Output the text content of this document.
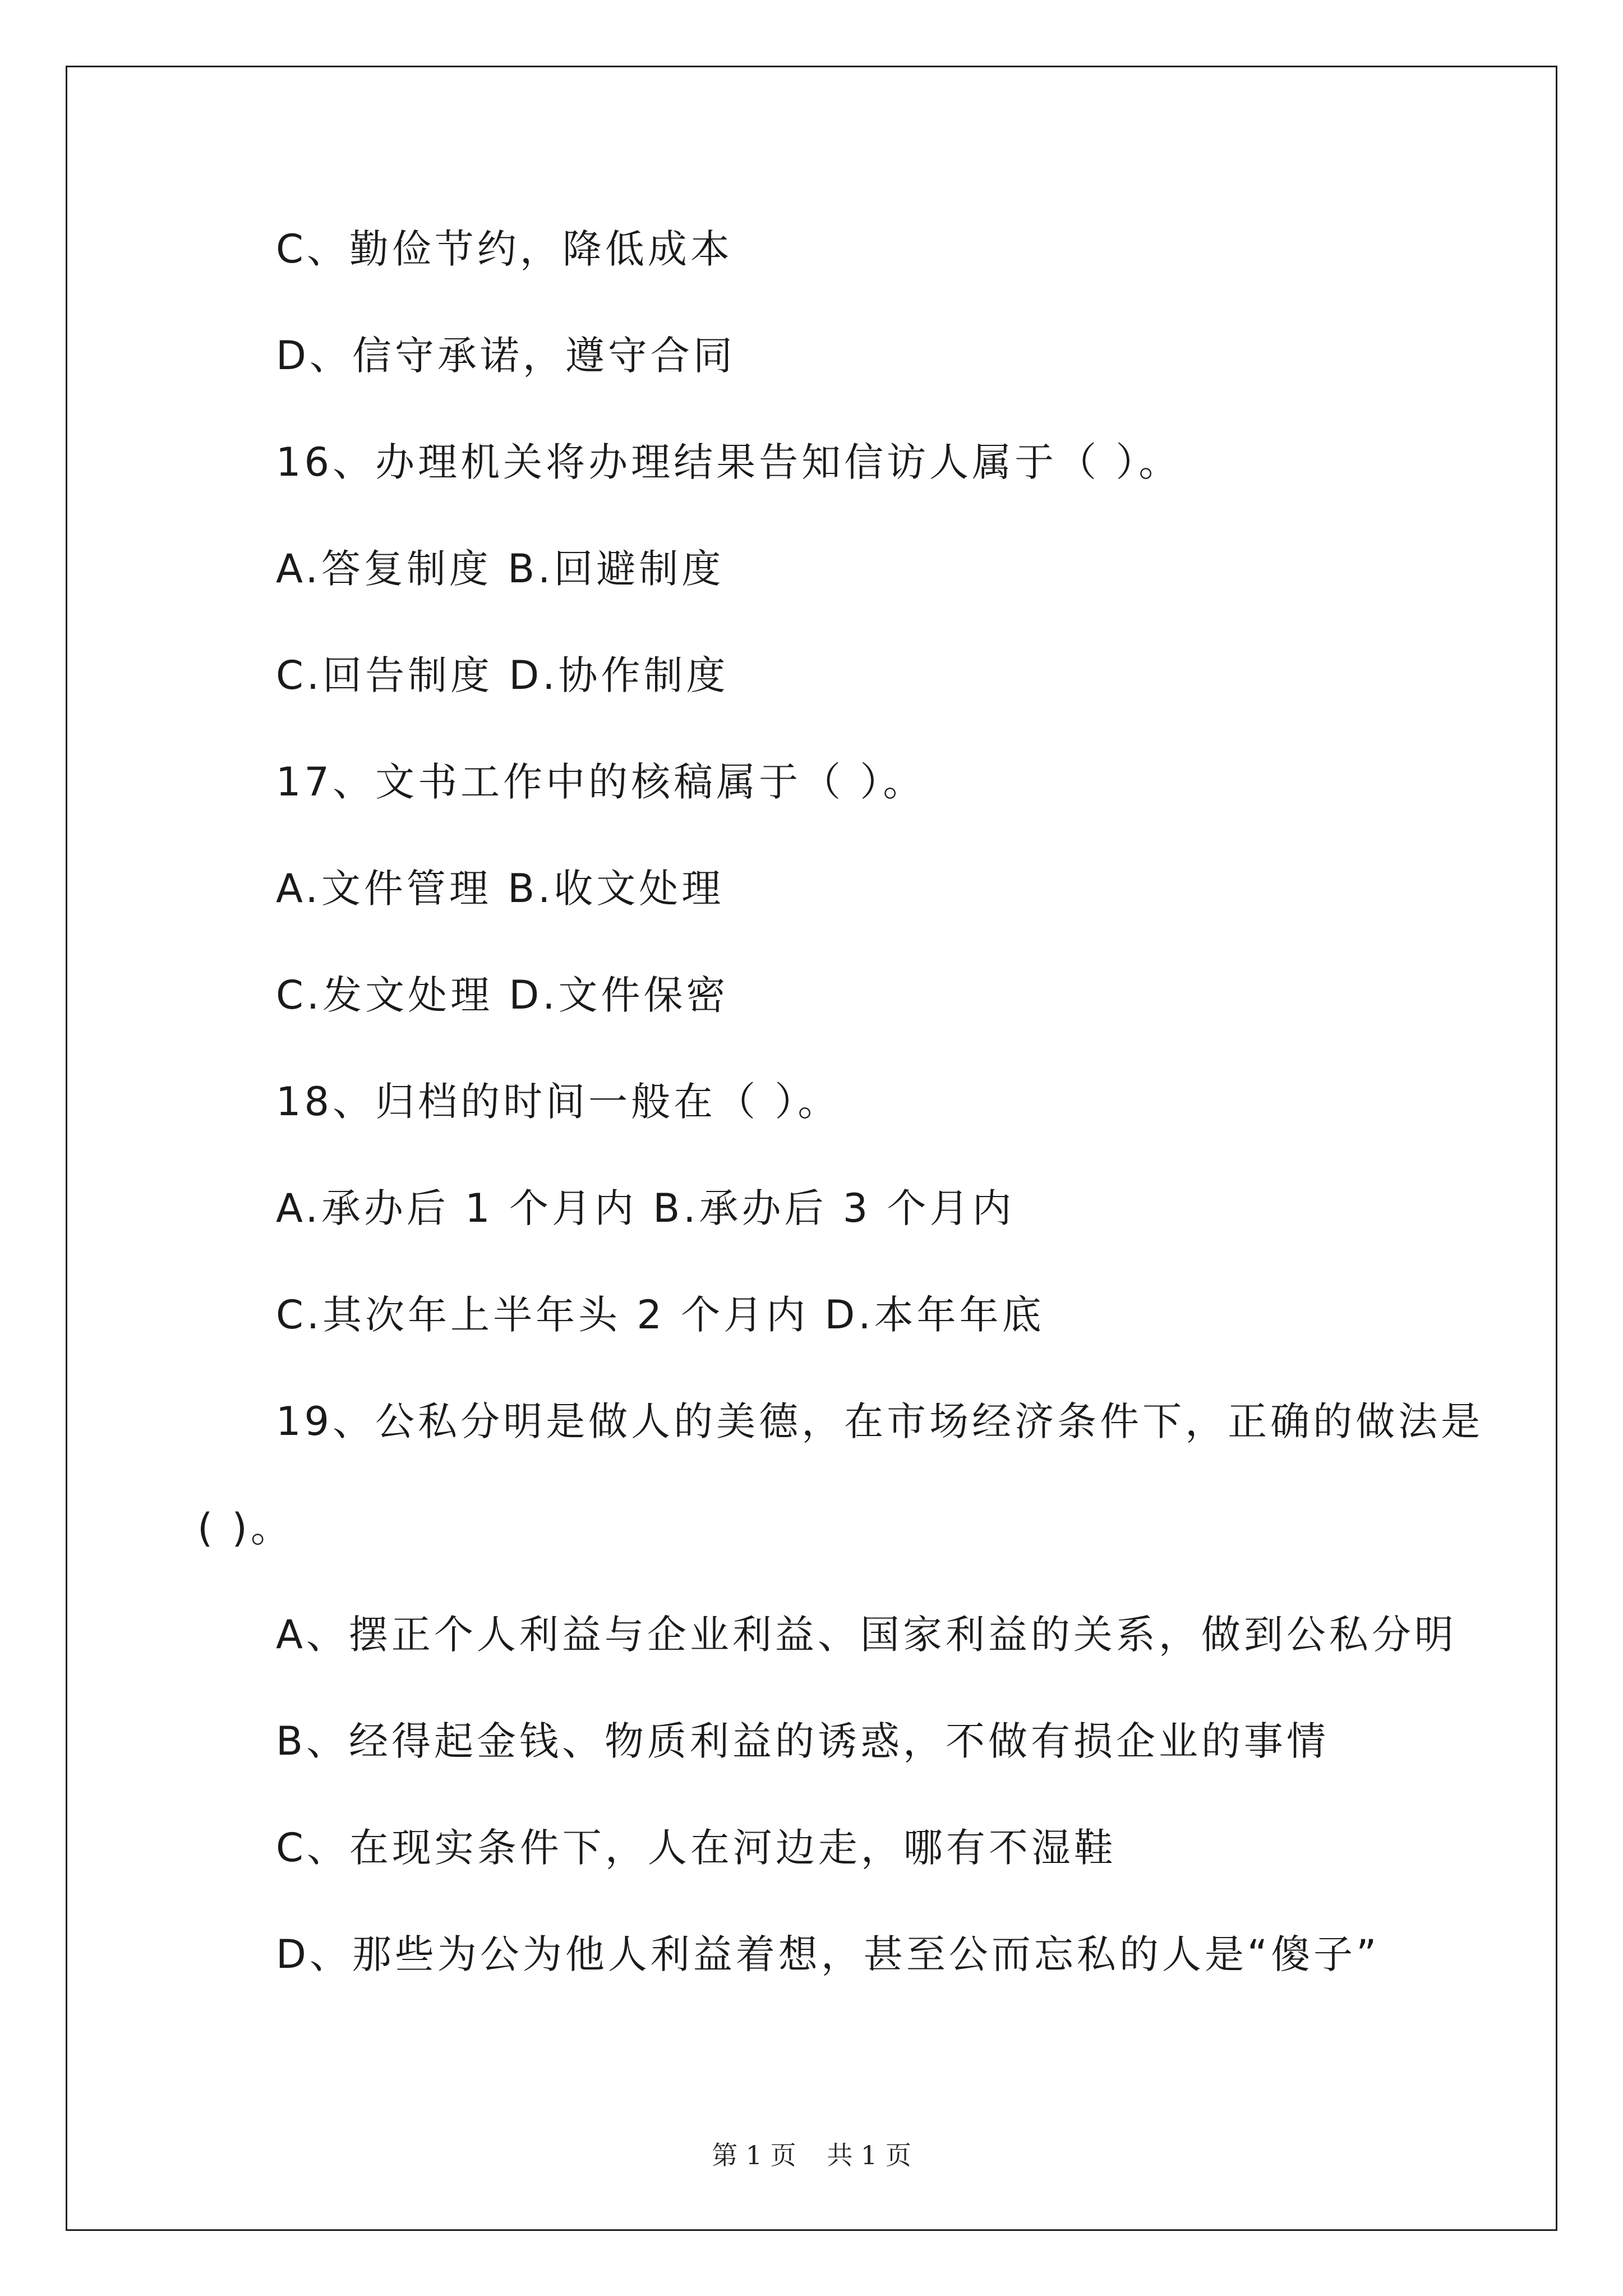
C、勤俭节约，降低成本
D、信守承诺，遵守合同
16、办理机关将办理结果告知信访人属于（ ）。
A.答复制度 B.回避制度
C.回告制度 D.协作制度
17、文书工作中的核稿属于（ ）。
A.文件管理 B.收文处理
C.发文处理 D.文件保密
18、归档的时间一般在（ ）。
A.承办后 1 个月内 B.承办后 3 个月内
C.其次年上半年头 2 个月内 D.本年年底
19、公私分明是做人的美德，在市场经济条件下，正确的做法是
( )。
A、摆正个人利益与企业利益、国家利益的关系，做到公私分明
B、经得起金钱、物质利益的诱惑，不做有损企业的事情
C、在现实条件下，人在河边走，哪有不湿鞋
D、那些为公为他人利益着想，甚至公而忘私的人是“傻子”
第 1 页 共 1 页
